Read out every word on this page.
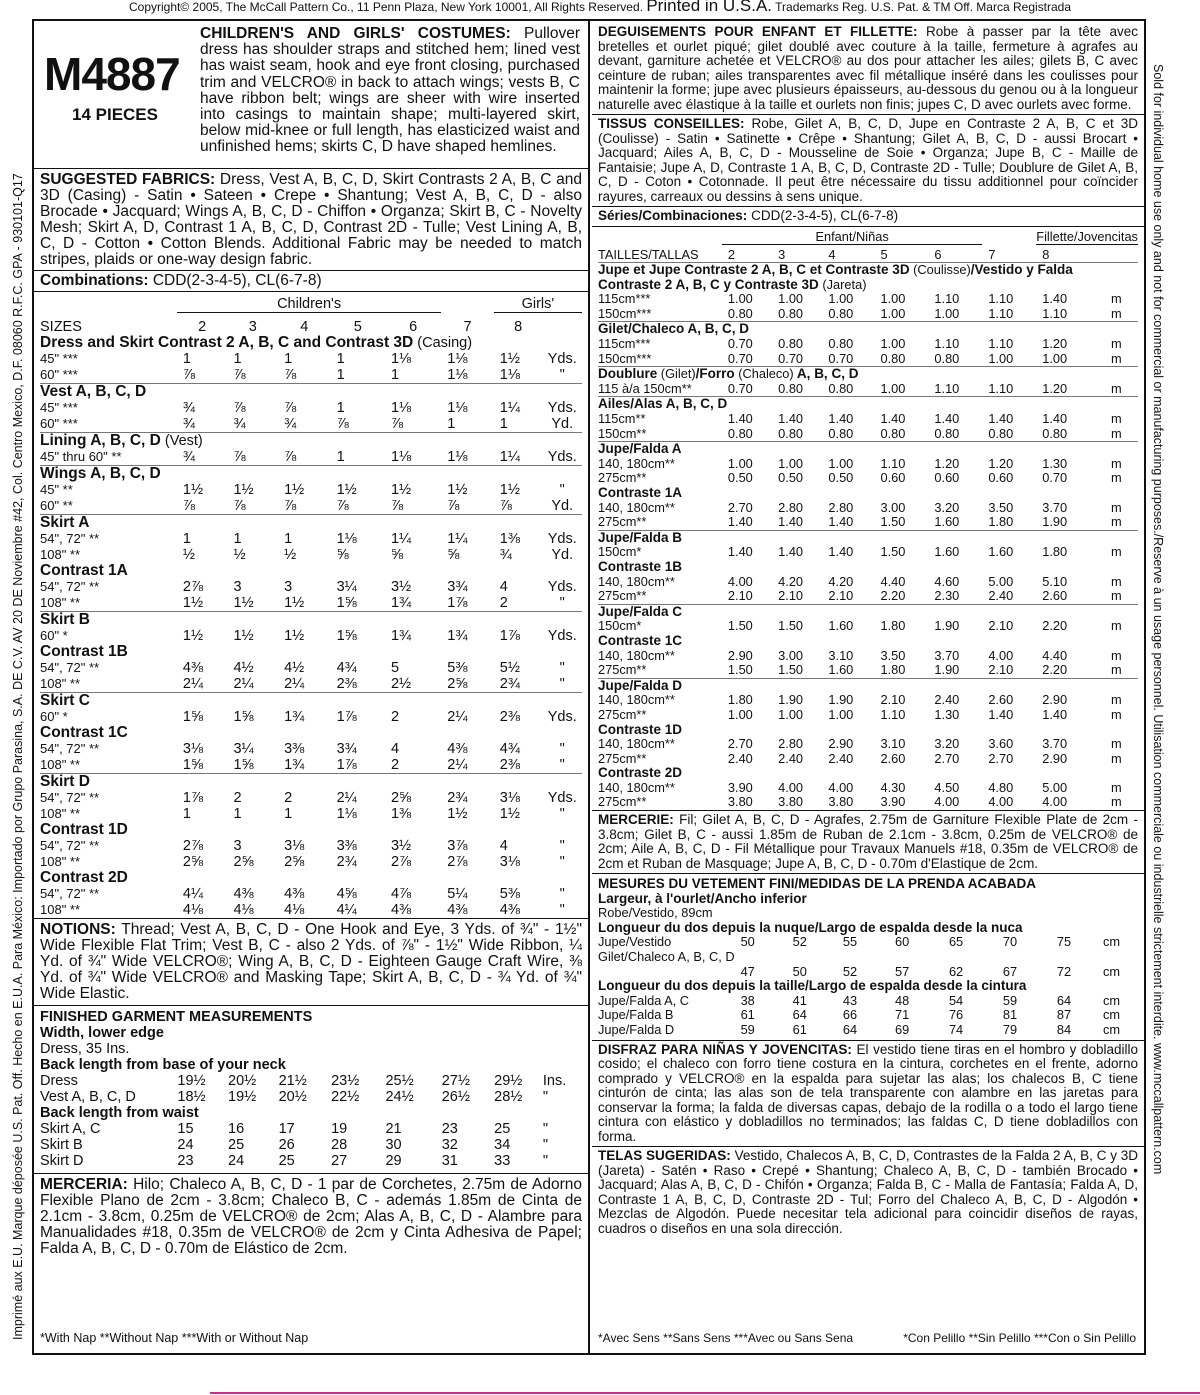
Copyright© 2005, The McCall Pattern Co., 11 Penn Plaza, New York 10001, All Rights Reserved. Printed in U.S.A. Trademarks Reg. U.S. Pat. & TM Off. Marca Registrada
Imprimé aux E.U. Marque déposée U.S. Pat. Off. Hecho en E.U.A. Para México: Importado por Grupo Parasina, S.A. DE C.V. AV 20 DE Noviembre #42, Col. Centro Mexico, D.F. 08060 R.F.C. GPA - 930101-Q17	Sold for individual home use only and not for commercial or manufacturing purposes./Reserve à un usage personnel. Utilisation commerciale ou industrielle strictement interdite. www.mccallpattern.com
M4887
14 PIECES
CHILDREN'S AND GIRLS' COSTUMES: Pullover dress has shoulder straps and stitched hem; lined vest has waist seam, hook and eye front closing, purchased trim and VELCRO® in back to attach wings; vests B, C have ribbon belt; wings are sheer with wire inserted into casings to maintain shape; multi-layered skirt, below mid-knee or full length, has elasticized waist and unfinished hems; skirts C, D have shaped hemlines.
SUGGESTED FABRICS: Dress, Vest A, B, C, D, Skirt Contrasts 2 A, B, C and 3D (Casing) - Satin • Sateen • Crepe • Shantung; Vest A, B, C, D - also Brocade • Jacquard; Wings A, B, C, D - Chiffon • Organza; Skirt B, C - Novelty Mesh; Skirt A, D, Contrast 1 A, B, C, D, Contrast 2D - Tulle; Vest Lining A, B, C, D - Cotton • Cotton Blends. Additional Fabric may be needed to match stripes, plaids or one-way design fabric.
Combinations: CDD(2-3-4-5), CL(6-7-8)
	Children's						Girls'		
SIZES	2	3	4	5	6	7	8		
Dress and Skirt Contrast 2 A, B, C and Contrast 3D (Casing)									
45" ***	1	1	1	1	1⅛	1⅛	1½	Yds.	
60" ***	⅞	⅞	⅞	1	1	1⅛	1⅛	"	
Vest A, B, C, D									
45" ***	¾	⅞	⅞	1	1⅛	1⅛	1¼	Yds.	
60" ***	¾	¾	¾	⅞	⅞	1	1	Yd.	
Lining A, B, C, D (Vest)									
45" thru 60" **	¾	⅞	⅞	1	1⅛	1⅛	1¼	Yds.	
Wings A, B, C, D									
45" **	1½	1½	1½	1½	1½	1½	1½	"	
60" **	⅞	⅞	⅞	⅞	⅞	⅞	⅞	Yd.	
Skirt A									
54", 72" **	1	1	1	1⅛	1¼	1¼	1⅜	Yds.	
108" **	½	½	½	⅝	⅝	⅝	¾	Yd.	
Contrast 1A									
54", 72" **	2⅞	3	3	3¼	3½	3¾	4	Yds.	
108" **	1½	1½	1½	1⅝	1¾	1⅞	2	"	
Skirt B									
60" *	1½	1½	1½	1⅝	1¾	1¾	1⅞	Yds.	
Contrast 1B									
54", 72" **	4⅜	4½	4½	4¾	5	5⅜	5½	"	
108" **	2¼	2¼	2¼	2⅜	2½	2⅝	2¾	"	
Skirt C									
60" *	1⅝	1⅝	1¾	1⅞	2	2¼	2⅜	Yds.	
Contrast 1C									
54", 72" **	3⅛	3¼	3⅜	3¾	4	4⅜	4¾	"	
108" **	1⅝	1⅝	1¾	1⅞	2	2¼	2⅜	"	
Skirt D									
54", 72" **	1⅞	2	2	2¼	2⅝	2¾	3⅛	Yds.	
108" **	1	1	1	1⅛	1⅜	1½	1½	"	
Contrast 1D									
54", 72" **	2⅞	3	3⅛	3⅜	3½	3⅞	4	"	
108" **	2⅝	2⅝	2⅝	2¾	2⅞	2⅞	3⅛	"	
Contrast 2D									
54", 72" **	4¼	4⅜	4⅜	4⅝	4⅞	5¼	5⅜	"	
108" **	4⅛	4⅛	4⅛	4¼	4⅜	4⅜	4⅜	"	
NOTIONS: Thread; Vest A, B, C, D - One Hook and Eye, 3 Yds. of ¾" - 1½" Wide Flexible Flat Trim; Vest B, C - also 2 Yds. of ⅞" - 1½" Wide Ribbon, ¼ Yd. of ¾" Wide VELCRO®; Wing A, B, C, D - Eighteen Gauge Craft Wire, ⅜ Yd. of ¾" Wide VELCRO® and Masking Tape; Skirt A, B, C, D - ¾ Yd. of ¾" Wide Elastic.
FINISHED GARMENT MEASUREMENTS								
Width, lower edge								
Dress, 35 Ins.								
Back length from base of your neck								
Dress	19½	20½	21½	23½	25½	27½	29½	Ins.
Vest A, B, C, D	18½	19½	20½	22½	24½	26½	28½	"
Back length from waist								
Skirt A, C	15	16	17	19	21	23	25	"
Skirt B	24	25	26	28	30	32	34	"
Skirt D	23	24	25	27	29	31	33	"
MERCERIA: Hilo; Chaleco A, B, C, D - 1 par de Corchetes, 2.75m de Adorno Flexible Plano de 2cm - 3.8cm; Chaleco B, C - además 1.85m de Cinta de 2.1cm - 3.8cm, 0.25m de VELCRO® de 2cm; Alas A, B, C, D - Alambre para Manualidades #18, 0.35m de VELCRO® de 2cm y Cinta Adhesiva de Papel; Falda A, B, C, D - 0.70m de Elástico de 2cm.
*With Nap **Without Nap ***With or Without Nap
DEGUISEMENTS POUR ENFANT ET FILLETTE: Robe à passer par la tête avec bretelles et ourlet piqué; gilet doublé avec couture à la taille, fermeture à agrafes au devant, garniture achetée et VELCRO® au dos pour attacher les ailes; gilets B, C avec ceinture de ruban; ailes transparentes avec fil métallique inséré dans les coulisses pour maintenir la forme; jupe avec plusieurs épaisseurs, au-dessous du genou ou à la longueur naturelle avec élastique à la taille et ourlets non finis; jupes C, D avec ourlets avec forme.
TISSUS CONSEILLES: Robe, Gilet A, B, C, D, Jupe en Contraste 2 A, B, C et 3D (Coulisse) - Satin • Satinette • Crêpe • Shantung; Gilet A, B, C, D - aussi Brocart • Jacquard; Ailes A, B, C, D - Mousseline de Soie • Organza; Jupe B, C - Maille de Fantaisie; Jupe A, D, Contraste 1 A, B, C, D, Contraste 2D - Tulle; Doublure de Gilet A, B, C, D - Coton • Cotonnade. Il peut être nécessaire du tissu additionnel pour coïncider rayures, carreaux ou dessins à sens unique.
Séries/Combinaciones: CDD(2-3-4-5), CL(6-7-8)
	Enfant/Niñas						Fillette/Jovencitas		
TAILLES/TALLAS	2	3	4	5	6	7	8		
Jupe et Jupe Contraste 2 A, B, C et Contraste 3D (Coulisse)/Vestido y Falda Contraste 2 A, B, C y Contraste 3D (Jareta)									
115cm***	1.00	1.00	1.00	1.00	1.10	1.10	1.40	m	
150cm***	0.80	0.80	0.80	1.00	1.00	1.10	1.10	m	
Gilet/Chaleco A, B, C, D									
115cm***	0.70	0.80	0.80	1.00	1.10	1.10	1.20	m	
150cm***	0.70	0.70	0.70	0.80	0.80	1.00	1.00	m	
Doublure (Gilet)/Forro (Chaleco) A, B, C, D									
115 à/a 150cm**	0.70	0.80	0.80	1.00	1.10	1.10	1.20	m	
Ailes/Alas A, B, C, D									
115cm**	1.40	1.40	1.40	1.40	1.40	1.40	1.40	m	
150cm**	0.80	0.80	0.80	0.80	0.80	0.80	0.80	m	
Jupe/Falda A									
140, 180cm**	1.00	1.00	1.00	1.10	1.20	1.20	1.30	m	
275cm**	0.50	0.50	0.50	0.60	0.60	0.60	0.70	m	
Contraste 1A									
140, 180cm**	2.70	2.80	2.80	3.00	3.20	3.50	3.70	m	
275cm**	1.40	1.40	1.40	1.50	1.60	1.80	1.90	m	
Jupe/Falda B									
150cm*	1.40	1.40	1.40	1.50	1.60	1.60	1.80	m	
Contraste 1B									
140, 180cm**	4.00	4.20	4.20	4.40	4.60	5.00	5.10	m	
275cm**	2.10	2.10	2.10	2.20	2.30	2.40	2.60	m	
Jupe/Falda C									
150cm*	1.50	1.50	1.60	1.80	1.90	2.10	2.20	m	
Contraste 1C									
140, 180cm**	2.90	3.00	3.10	3.50	3.70	4.00	4.40	m	
275cm**	1.50	1.50	1.60	1.80	1.90	2.10	2.20	m	
Jupe/Falda D									
140, 180cm**	1.80	1.90	1.90	2.10	2.40	2.60	2.90	m	
275cm**	1.00	1.00	1.00	1.10	1.30	1.40	1.40	m	
Contraste 1D									
140, 180cm**	2.70	2.80	2.90	3.10	3.20	3.60	3.70	m	
275cm**	2.40	2.40	2.40	2.60	2.70	2.70	2.90	m	
Contraste 2D									
140, 180cm**	3.90	4.00	4.00	4.30	4.50	4.80	5.00	m	
275cm**	3.80	3.80	3.80	3.90	4.00	4.00	4.00	m	
MERCERIE: Fil; Gilet A, B, C, D - Agrafes, 2.75m de Garniture Flexible Plate de 2cm - 3.8cm; Gilet B, C - aussi 1.85m de Ruban de 2.1cm - 3.8cm, 0.25m de VELCRO® de 2cm; Aile A, B, C, D - Fil Métallique pour Travaux Manuels #18, 0.35m de VELCRO® de 2cm et Ruban de Masquage; Jupe A, B, C, D - 0.70m d'Elastique de 2cm.
MESURES DU VETEMENT FINI/MEDIDAS DE LA PRENDA ACABADA								
Largeur, à l'ourlet/Ancho inferior								
Robe/Vestido, 89cm								
Longueur du dos depuis la nuque/Largo de espalda desde la nuca								
Jupe/Vestido	50	52	55	60	65	70	75	cm
Gilet/Chaleco A, B, C, D								
	47	50	52	57	62	67	72	cm
Longueur du dos depuis la taille/Largo de espalda desde la cintura								
Jupe/Falda A, C	38	41	43	48	54	59	64	cm
Jupe/Falda B	61	64	66	71	76	81	87	cm
Jupe/Falda D	59	61	64	69	74	79	84	cm
DISFRAZ PARA NIÑAS Y JOVENCITAS: El vestido tiene tiras en el hombro y dobladillo cosido; el chaleco con forro tiene costura en la cintura, corchetes en el frente, adorno comprado y VELCRO® en la espalda para sujetar las alas; los chalecos B, C tiene cinturón de cinta; las alas son de tela transparente con alambre en las jaretas para conservar la forma; la falda de diversas capas, debajo de la rodilla o a todo el largo tiene cintura con elástico y dobladillos no terminados; las faldas C, D tiene dobladillos con forma.
TELAS SUGERIDAS: Vestido, Chalecos A, B, C, D, Contrastes de la Falda 2 A, B, C y 3D (Jareta) - Satén • Raso • Crepé • Shantung; Chaleco A, B, C, D - también Brocado • Jacquard; Alas A, B, C, D - Chifón • Organza; Falda B, C - Malla de Fantasía; Falda A, D, Contraste 1 A, B, C, D, Contraste 2D - Tul; Forro del Chaleco A, B, C, D - Algodón • Mezclas de Algodón. Puede necesitar tela adicional para coincidir diseños de rayas, cuadros o diseños en una sola dirección.
*Avec Sens **Sans Sens ***Avec ou Sans Sena	*Con Pelillo **Sin Pelillo ***Con o Sin Pelillo
